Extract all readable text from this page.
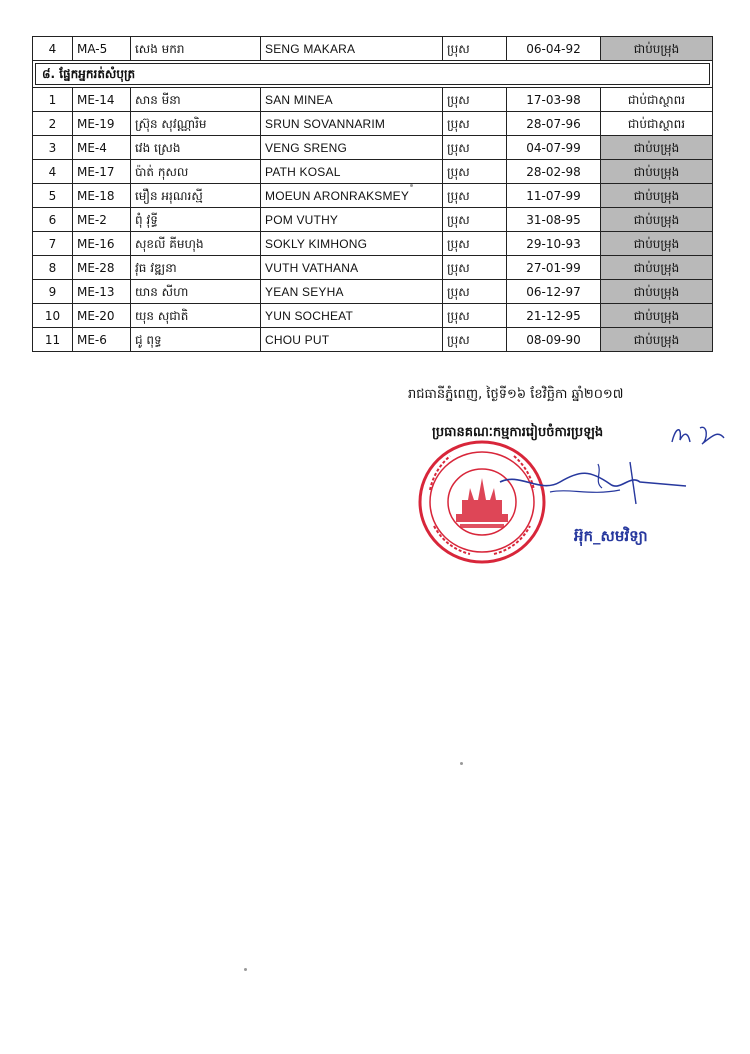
4	MA-5	សេង មករា	SENG MAKARA	ប្រុស	06-04-92	ជាប់បម្រុង

៨. ផ្នែកអ្នករត់សំបុត្រ						

1	ME-14	សាន មីនា	SAN MINEA	ប្រុស	17-03-98	ជាប់ជាស្ថាពរ
2	ME-19	ស្រ៊ុន សុវណ្ណារិម	SRUN SOVANNARIM	ប្រុស	28-07-96	ជាប់ជាស្ថាពរ
3	ME-4	វេង ស្រេង	VENG SRENG	ប្រុស	04-07-99	ជាប់បម្រុង
4	ME-17	ប៉ាត់ កុសល	PATH KOSAL	ប្រុស	28-02-98	ជាប់បម្រុង
5	ME-18	មឿន អរុណរស្មី	MOEUN ARONRAKSMEY	ប្រុស	11-07-99	ជាប់បម្រុង
6	ME-2	ពុំ វុទ្ធី	POM VUTHY	ប្រុស	31-08-95	ជាប់បម្រុង
7	ME-16	សុខលី គីមហុង	SOKLY KIMHONG	ប្រុស	29-10-93	ជាប់បម្រុង
8	ME-28	វុធ វឌ្ឍនា	VUTH VATHANA	ប្រុស	27-01-99	ជាប់បម្រុង
9	ME-13	យាន សីហា	YEAN SEYHA	ប្រុស	06-12-97	ជាប់បម្រុង
10	ME-20	យុន សុជាតិ	YUN SOCHEAT	ប្រុស	21-12-95	ជាប់បម្រុង
11	ME-6	ជូ ពុទ្ធ	CHOU PUT	ប្រុស	08-09-90	ជាប់បម្រុង
រាជធានីភ្នំពេញ, ថ្ងៃទី១៦ ខែវិច្ឆិកា ឆ្នាំ២០១៧
ប្រធានគណៈកម្មការរៀបចំការប្រឡង
អ៊ុក_សមវិទ្យា
